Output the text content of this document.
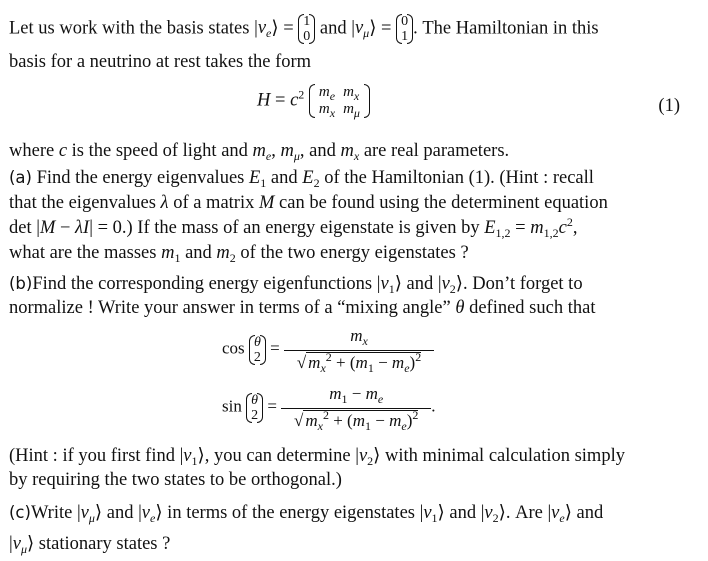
Let us work with the basis states $|\nu_e⟩ = 1$
0 and $|\nu_\mu⟩ = 0$
1 . The Hamiltonian in this
basis for a neutrino at rest takes the form
$H = c^2$ $m_e$	$m_x$
$m_x$	$m_\mu$	(1)
where c is the speed of light and $m_e$, $m_\mu$, and $m_x$ are real parameters.
(a) Find the energy eigenvalues $E_1$ and $E_2$ of the Hamiltonian (1). (Hint : recall
that the eigenvalues λ of a matrix M can be found using the determinent equation
det |M − λI| = 0.) If the mass of an energy eigenstate is given by $E_{1,2} = m_{1,2}c^2$,
what are the masses $m_1$ and $m_2$ of the two energy eigenstates ?
(b)Find the corresponding energy eigenfunctions $|\nu_1⟩$ and $|\nu_2⟩$. Don’t forget to
normalize ! Write your answer in terms of a “mixing angle” θ defined such that
cos θ
$2 = \frac{m_x}{√ m_x^2 + (m_1 - m_e)^2}$
sin θ
$2 = \frac{m_1 - m_e}{√ m_x^2 + (m_1 - m_e)^2}$ .
(Hint : if you first find $|\nu_1⟩$, you can determine $|\nu_2⟩$ with minimal calculation simply
by requiring the two states to be orthogonal.)
(c)Write $|\nu_\mu⟩$ and $|\nu_e⟩$ in terms of the energy eigenstates $|\nu_1⟩$ and $|\nu_2⟩$. Are $|\nu_e⟩$ and
$|\nu_\mu⟩$ stationary states ?
